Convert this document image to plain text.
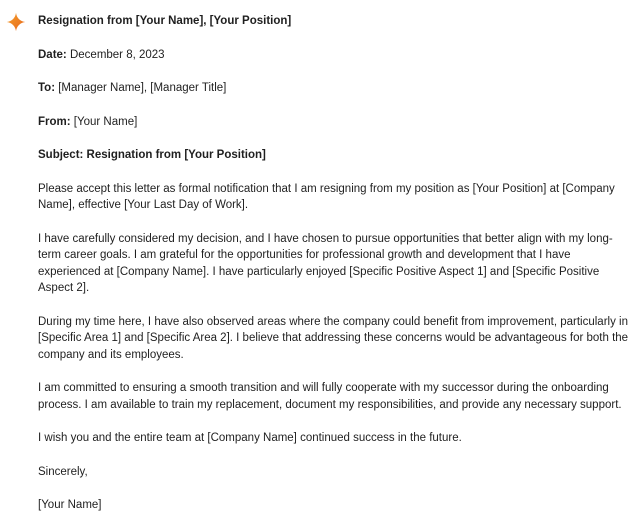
Resignation from [Your Name], [Your Position]

Date: December 8, 2023

To: [Manager Name], [Manager Title]

From: [Your Name]

Subject: Resignation from [Your Position]

Please accept this letter as formal notification that I am resigning from my position as [Your Position] at [Company Name], effective [Your Last Day of Work].

I have carefully considered my decision, and I have chosen to pursue opportunities that better align with my long-term career goals. I am grateful for the opportunities for professional growth and development that I have experienced at [Company Name]. I have particularly enjoyed [Specific Positive Aspect 1] and [Specific Positive Aspect 2].

During my time here, I have also observed areas where the company could benefit from improvement, particularly in [Specific Area 1] and [Specific Area 2]. I believe that addressing these concerns would be advantageous for both the company and its employees.

I am committed to ensuring a smooth transition and will fully cooperate with my successor during the onboarding process. I am available to train my replacement, document my responsibilities, and provide any necessary support.

I wish you and the entire team at [Company Name] continued success in the future.

Sincerely,

[Your Name]
